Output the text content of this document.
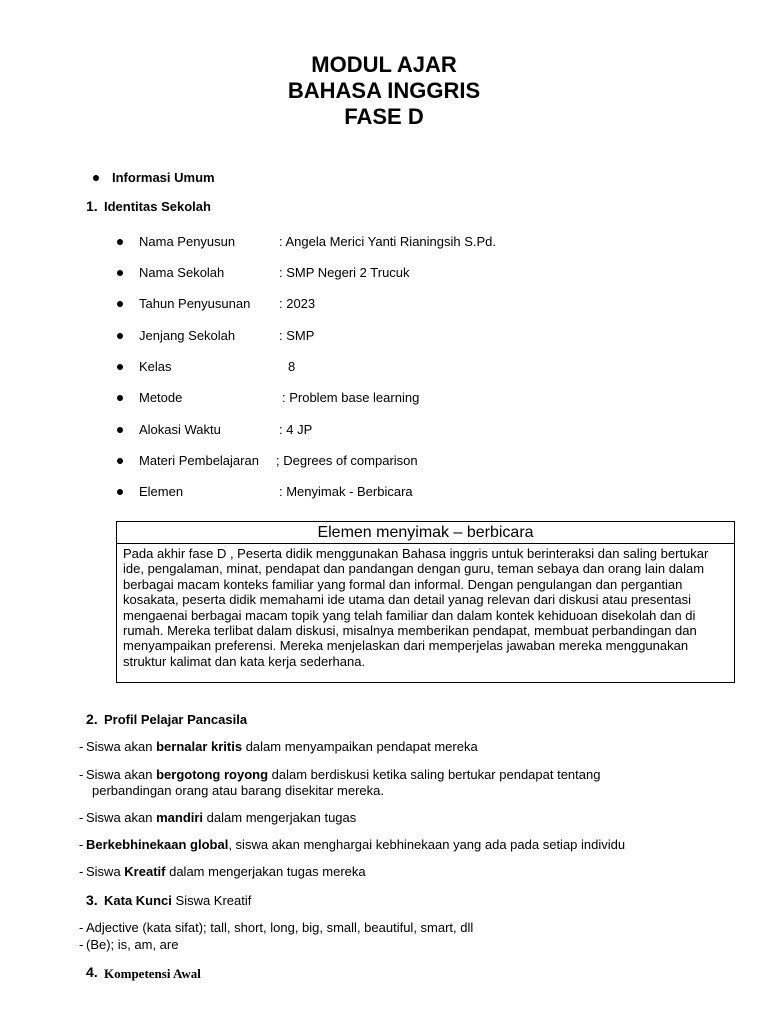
MODUL AJAR
BAHASA INGGRIS
FASE D
Informasi Umum
1. Identitas Sekolah
Nama Penyusun	: Angela Merici Yanti Rianingsih S.Pd.
Nama Sekolah	: SMP Negeri 2 Trucuk
Tahun Penyusunan : 2023
Jenjang Sekolah	: SMP
Kelas	8
Metode	: Problem base learning
Alokasi Waktu	: 4 JP
Materi Pembelajaran ; Degrees of comparison
Elemen	: Menyimak - Berbicara
Elemen menyimak – berbicara
Pada akhir fase D , Peserta didik menggunakan Bahasa inggris untuk berinteraksi dan saling bertukar ide, pengalaman, minat, pendapat dan pandangan dengan guru, teman sebaya dan orang lain dalam berbagai macam konteks familiar yang formal dan informal. Dengan pengulangan dan pergantian kosakata, peserta didik memahami ide utama dan detail yanag relevan dari diskusi atau presentasi mengaenai berbagai macam topik yang telah familiar dan dalam kontek kehiduoan disekolah dan di rumah. Mereka terlibat dalam diskusi, misalnya memberikan pendapat, membuat perbandingan dan menyampaikan preferensi. Mereka menjelaskan dari memperjelas jawaban mereka menggunakan struktur kalimat dan kata kerja sederhana.
2. Profil Pelajar Pancasila
- Siswa akan bernalar kritis dalam menyampaikan pendapat mereka
- Siswa akan bergotong royong dalam berdiskusi ketika saling bertukar pendapat tentang
perbandingan orang atau barang disekitar mereka.
- Siswa akan mandiri dalam mengerjakan tugas
- Berkebhinekaan global, siswa akan menghargai kebhinekaan yang ada pada setiap individu
- Siswa Kreatif dalam mengerjakan tugas mereka
3. Kata Kunci Siswa Kreatif
- Adjective (kata sifat); tall, short, long, big, small, beautiful, smart, dll
- (Be); is, am, are
4. Kompetensi Awal
